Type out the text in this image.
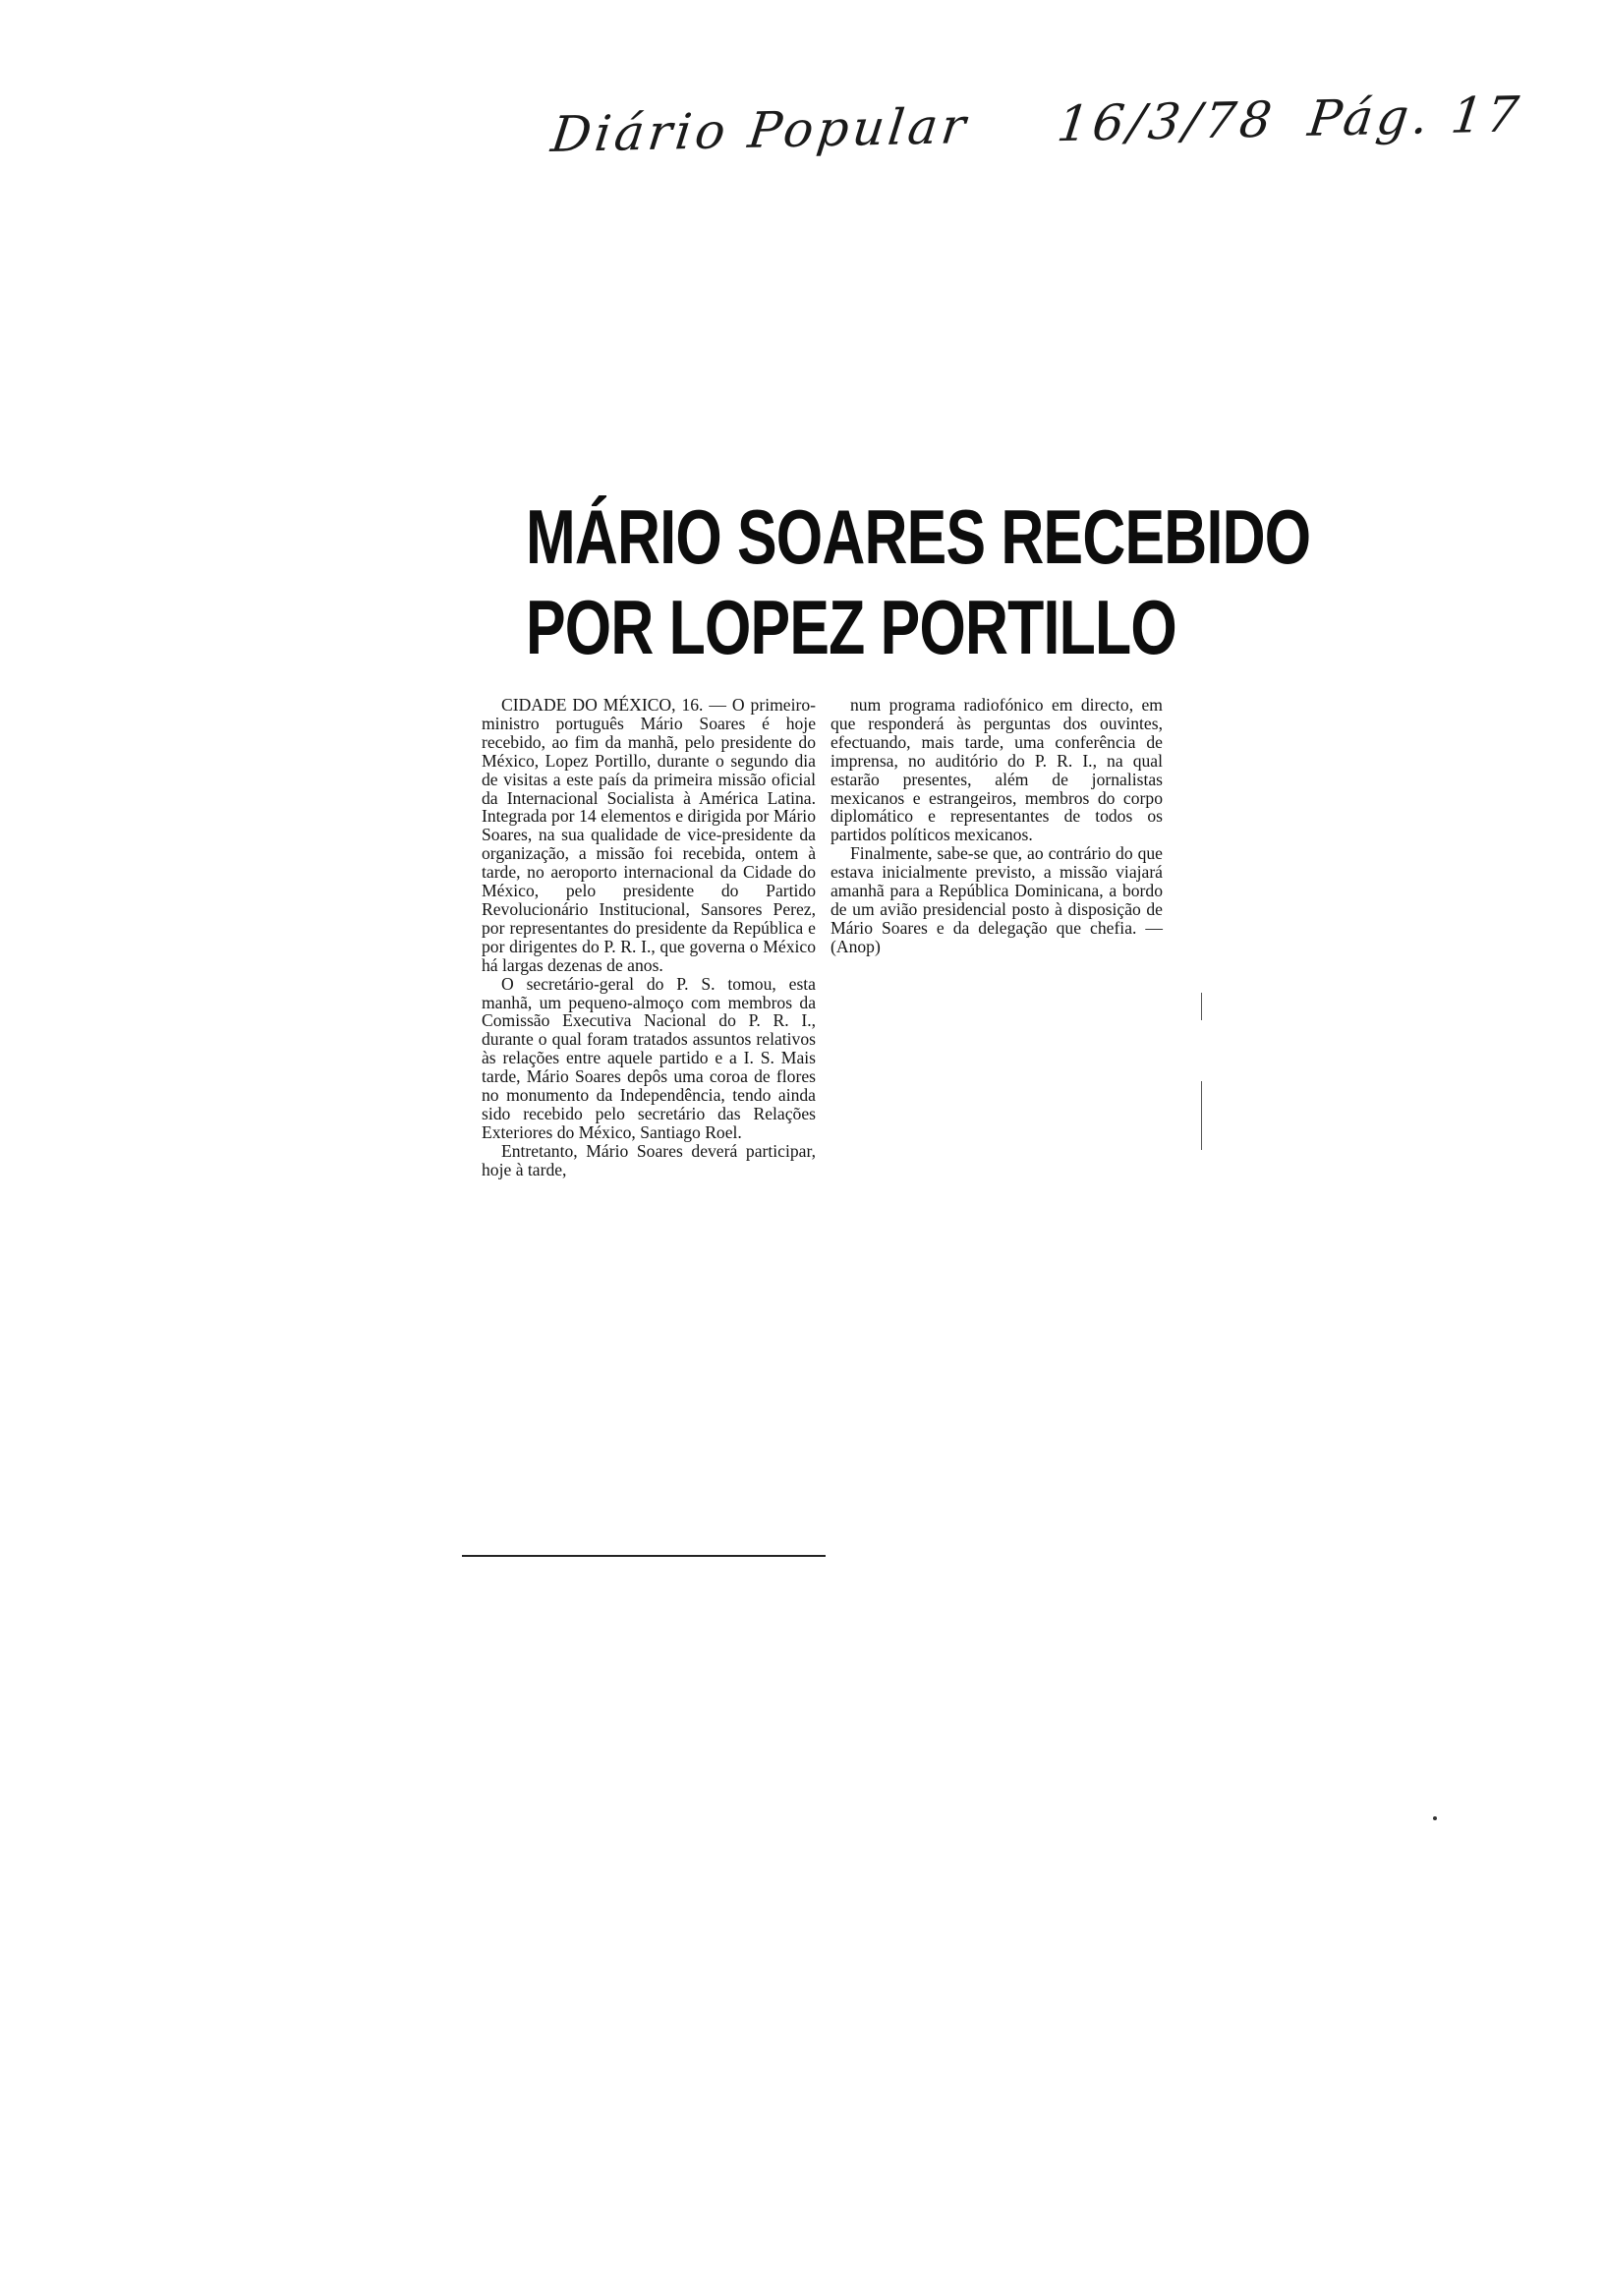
Diário Popular 16/3/78 Pág. 17
MÁRIO SOARES RECEBIDO
POR LOPEZ PORTILLO

CIDADE DO MÉXICO, 16. — O primeiro-ministro português Mário Soares é hoje recebido, ao fim da manhã, pelo presidente do México, Lopez Portillo, durante o segundo dia de visitas a este país da primeira missão oficial da Internacional Socialista à América Latina. Integrada por 14 elementos e dirigida por Mário Soares, na sua qualidade de vice-presidente da organização, a missão foi recebida, ontem à tarde, no aeroporto internacional da Cidade do México, pelo presidente do Partido Revolucionário Institucional, Sansores Perez, por representantes do presidente da República e por dirigentes do P. R. I., que governa o México há largas dezenas de anos.

O secretário-geral do P. S. tomou, esta manhã, um pequeno-almoço com membros da Comissão Executiva Nacional do P. R. I., durante o qual foram tratados assuntos relativos às relações entre aquele partido e a I. S. Mais tarde, Mário Soares depôs uma coroa de flores no monumento da Independência, tendo ainda sido recebido pelo secretário das Relações Exteriores do México, Santiago Roel.

Entretanto, Mário Soares deverá participar, hoje à tarde,

num programa radiofónico em directo, em que responderá às perguntas dos ouvintes, efectuando, mais tarde, uma conferência de imprensa, no auditório do P. R. I., na qual estarão presentes, além de jornalistas mexicanos e estrangeiros, membros do corpo diplomático e representantes de todos os partidos políticos mexicanos.

Finalmente, sabe-se que, ao contrário do que estava inicialmente previsto, a missão viajará amanhã para a República Dominicana, a bordo de um avião presidencial posto à disposição de Mário Soares e da delegação que chefia. — (Anop)
